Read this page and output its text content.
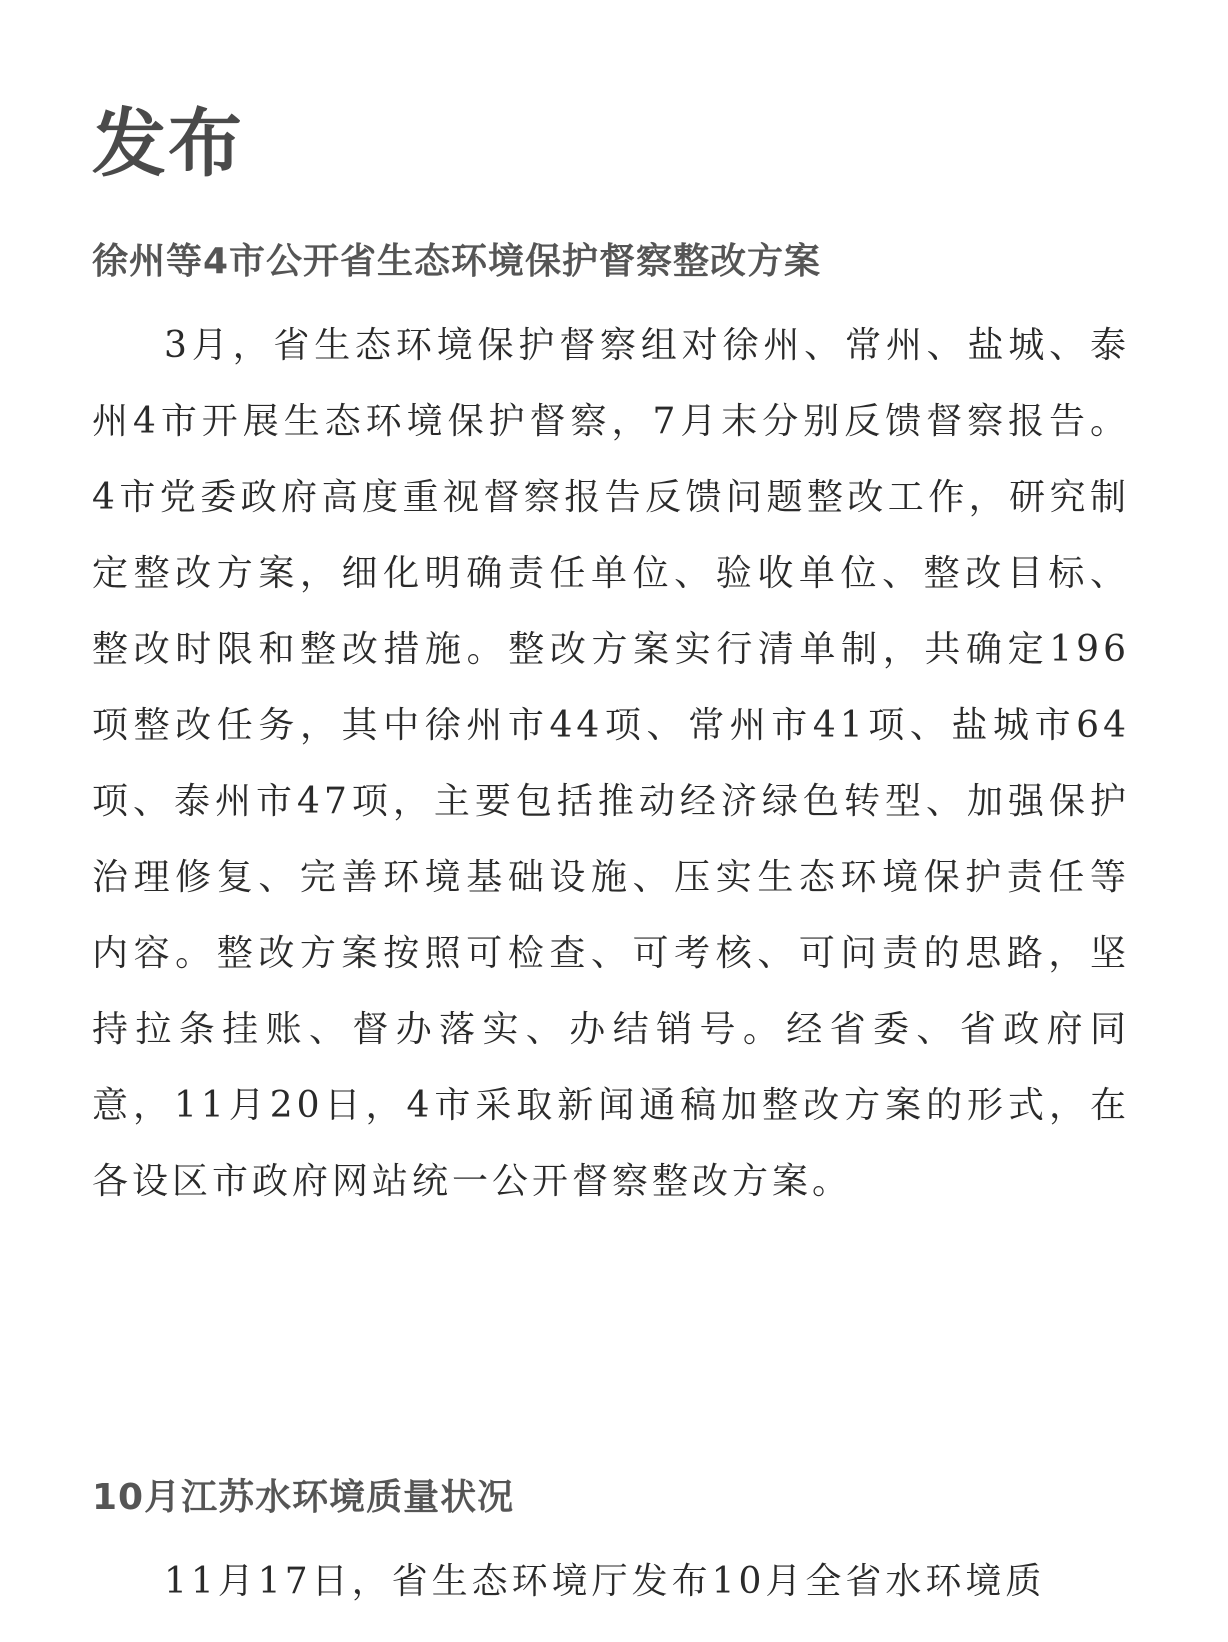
发布
徐州等4市公开省生态环境保护督察整改方案

3月，省生态环境保护督察组对徐州、常州、盐城、泰州4市开展生态环境保护督察，7月末分别反馈督察报告。4市党委政府高度重视督察报告反馈问题整改工作，研究制定整改方案，细化明确责任单位、验收单位、整改目标、整改时限和整改措施。整改方案实行清单制，共确定196项整改任务，其中徐州市44项、常州市41项、盐城市64项、泰州市47项，主要包括推动经济绿色转型、加强保护治理修复、完善环境基础设施、压实生态环境保护责任等内容。整改方案按照可检查、可考核、可问责的思路，坚持拉条挂账、督办落实、办结销号。经省委、省政府同意，11月20日，4市采取新闻通稿加整改方案的形式，在各设区市政府网站统一公开督察整改方案。

10月江苏水环境质量状况

11月17日，省生态环境厅发布10月全省水环境质
